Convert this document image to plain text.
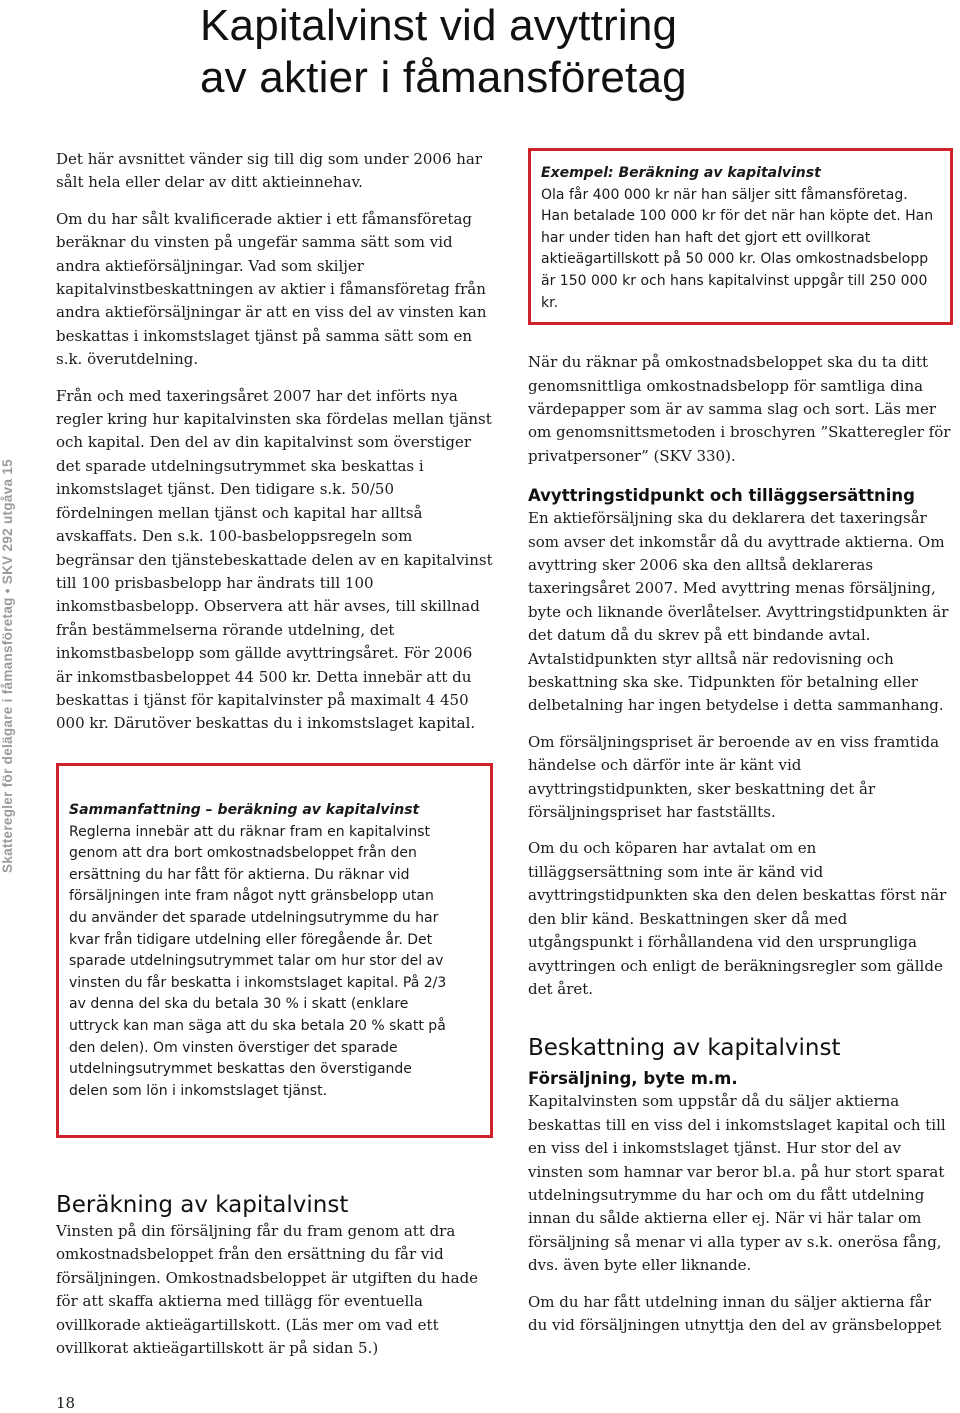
Kapitalvinst vid avyttring
av aktier i fåmansföretag
Skatteregler för delägare i fåmansföretag • SKV 292 utgåva 15

Det här avsnittet vänder sig till dig som under 2006 har sålt hela eller delar av ditt aktieinnehav.

Om du har sålt kvalificerade aktier i ett fåmansföretag beräknar du vinsten på ungefär samma sätt som vid andra aktieförsäljningar. Vad som skiljer kapitalvinstbeskattningen av aktier i fåmansföretag från andra aktieförsäljningar är att en viss del av vinsten kan beskattas i inkomstslaget tjänst på samma sätt som en s.k. överutdelning.

Från och med taxeringsåret 2007 har det införts nya regler kring hur kapitalvinsten ska fördelas mellan tjänst och kapital. Den del av din kapitalvinst som överstiger det sparade utdelningsutrymmet ska beskattas i inkomstslaget tjänst. Den tidigare s.k. 50/50 fördelningen mellan tjänst och kapital har alltså avskaffats. Den s.k. 100-basbeloppsregeln som begränsar den tjänstebeskattade delen av en kapitalvinst till 100 prisbasbelopp har ändrats till 100 inkomstbasbelopp. Observera att här avses, till skillnad från bestämmelserna rörande utdelning, det inkomstbasbelopp som gällde avyttringsåret. För 2006 är inkomstbasbeloppet 44 500 kr. Detta innebär att du beskattas i tjänst för kapitalvinster på maximalt 4 450 000 kr. Därutöver beskattas du i inkomstslaget kapital.

Sammanfattning – beräkning av kapitalvinst

Reglerna innebär att du räknar fram en kapitalvinst genom att dra bort omkostnadsbeloppet från den ersättning du har fått för aktierna. Du räknar vid försäljningen inte fram något nytt gränsbelopp utan du använder det sparade utdelningsutrymme du har kvar från tidigare utdelning eller föregående år. Det sparade utdelningsutrymmet talar om hur stor del av vinsten du får beskatta i inkomstslaget kapital. På 2/3 av denna del ska du betala 30 % i skatt (enklare uttryck kan man säga att du ska betala 20 % skatt på den delen). Om vinsten överstiger det sparade utdelningsutrymmet beskattas den överstigande delen som lön i inkomstslaget tjänst.

Beräkning av kapitalvinst

Vinsten på din försäljning får du fram genom att dra omkostnadsbeloppet från den ersättning du får vid försäljningen. Omkostnadsbeloppet är utgiften du hade för att skaffa aktierna med tillägg för eventuella ovillkorade aktieägartillskott. (Läs mer om vad ett ovillkorat aktieägartillskott är på sidan 5.)

Exempel: Beräkning av kapitalvinst

Ola får 400 000 kr när han säljer sitt fåmansföretag. Han betalade 100 000 kr för det när han köpte det. Han har under tiden han haft det gjort ett ovillkorat aktieägartillskott på 50 000 kr. Olas omkostnadsbelopp är 150 000 kr och hans kapitalvinst uppgår till 250 000 kr.

När du räknar på omkostnadsbeloppet ska du ta ditt genomsnittliga omkostnadsbelopp för samtliga dina värdepapper som är av samma slag och sort. Läs mer om genomsnittsmetoden i broschyren ”Skatteregler för privatpersoner” (SKV 330).

Avyttringstidpunkt och tilläggsersättning

En aktieförsäljning ska du deklarera det taxeringsår som avser det inkomstår då du avyttrade aktierna. Om avyttring sker 2006 ska den alltså deklareras taxeringsåret 2007. Med avyttring menas försäljning, byte och liknande överlåtelser. Avyttringstidpunkten är det datum då du skrev på ett bindande avtal. Avtalstidpunkten styr alltså när redovisning och beskattning ska ske. Tidpunkten för betalning eller delbetalning har ingen betydelse i detta sammanhang.

Om försäljningspriset är beroende av en viss framtida händelse och därför inte är känt vid avyttringstidpunkten, sker beskattning det år försäljningspriset har fastställts.

Om du och köparen har avtalat om en tilläggsersättning som inte är känd vid avyttringstidpunkten ska den delen beskattas först när den blir känd. Beskattningen sker då med utgångspunkt i förhållandena vid den ursprungliga avyttringen och enligt de beräkningsregler som gällde det året.

Beskattning av kapitalvinst
Försäljning, byte m.m.

Kapitalvinsten som uppstår då du säljer aktierna beskattas till en viss del i inkomstslaget kapital och till en viss del i inkomstslaget tjänst. Hur stor del av vinsten som hamnar var beror bl.a. på hur stort sparat utdelningsutrymme du har och om du fått utdelning innan du sålde aktierna eller ej. När vi här talar om försäljning så menar vi alla typer av s.k. onerösa fång, dvs. även byte eller liknande.

Om du har fått utdelning innan du säljer aktierna får du vid försäljningen utnyttja den del av gränsbeloppet

18
